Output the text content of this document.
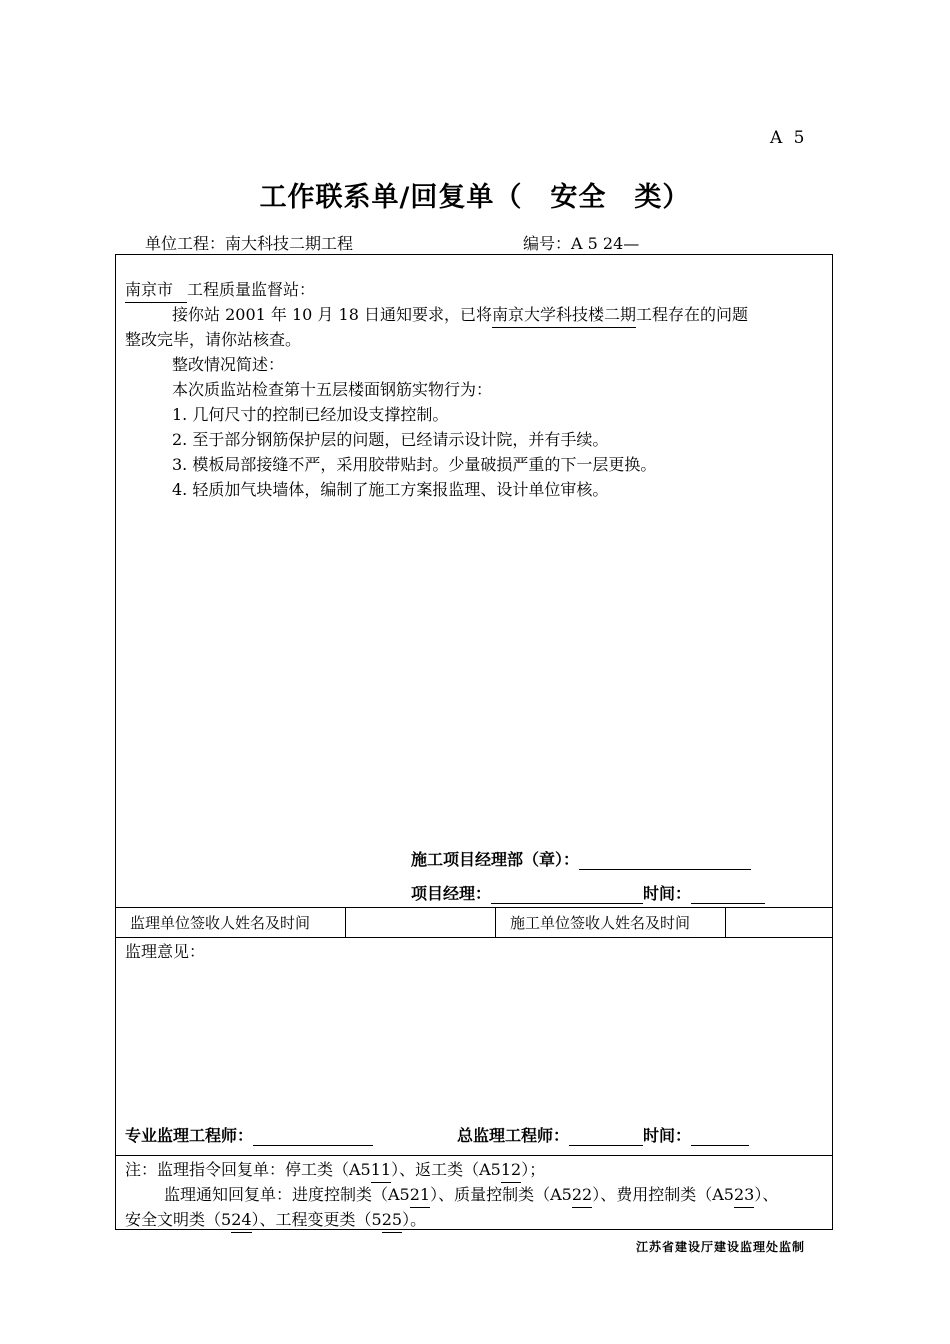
A 5
工作联系单/回复单（　安全　类）
单位工程：南大科技二期工程	编号：A 5 24—
南京市 工程质量监督站：
接你站 2001 年 10 月 18 日通知要求，已将南京大学科技楼二期工程存在的问题
整改完毕，请你站核查。
整改情况简述：
本次质监站检查第十五层楼面钢筋实物行为：
1. 几何尺寸的控制已经加设支撑控制。
2. 至于部分钢筋保护层的问题，已经请示设计院，并有手续。
3. 模板局部接缝不严，采用胶带贴封。少量破损严重的下一层更换。
4. 轻质加气块墙体，编制了施工方案报监理、设计单位审核。
施工项目经理部（章）：
项目经理：	时间：
监理单位签收人姓名及时间	施工单位签收人姓名及时间
监理意见：
专业监理工程师：	总监理工程师：	时间：
注：监理指令回复单：停工类（A511）、返工类（A512）；
监理通知回复单：进度控制类（A521）、质量控制类（A522）、费用控制类（A523）、
安全文明类（524）、工程变更类（525）。
江苏省建设厅建设监理处监制
